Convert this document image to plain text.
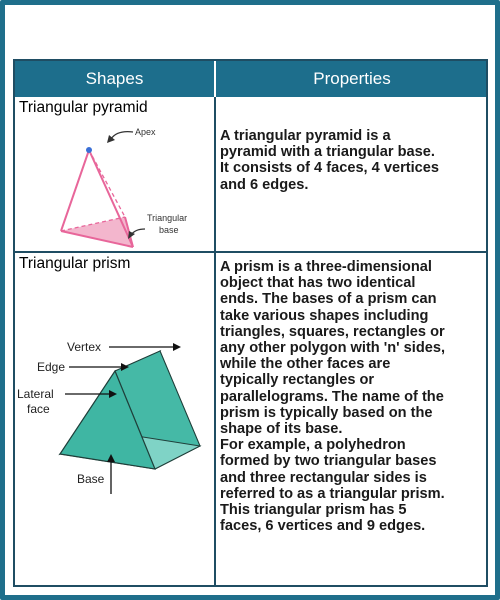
Shapes	Properties
Triangular pyramid
Apex
Triangular
base
A triangular pyramid is a
pyramid with a triangular base.
It consists of 4 faces, 4 vertices
and 6 edges.
Triangular prism
Vertex
Edge
Lateral
face
Base
A prism is a three-dimensional
object that has two identical
ends. The bases of a prism can
take various shapes including
triangles, squares, rectangles or
any other polygon with 'n' sides,
while the other faces are
typically rectangles or
parallelograms. The name of the
prism is typically based on the
shape of its base.
For example, a polyhedron
formed by two triangular bases
and three rectangular sides is
referred to as a triangular prism.
This triangular prism has 5
faces, 6 vertices and 9 edges.
